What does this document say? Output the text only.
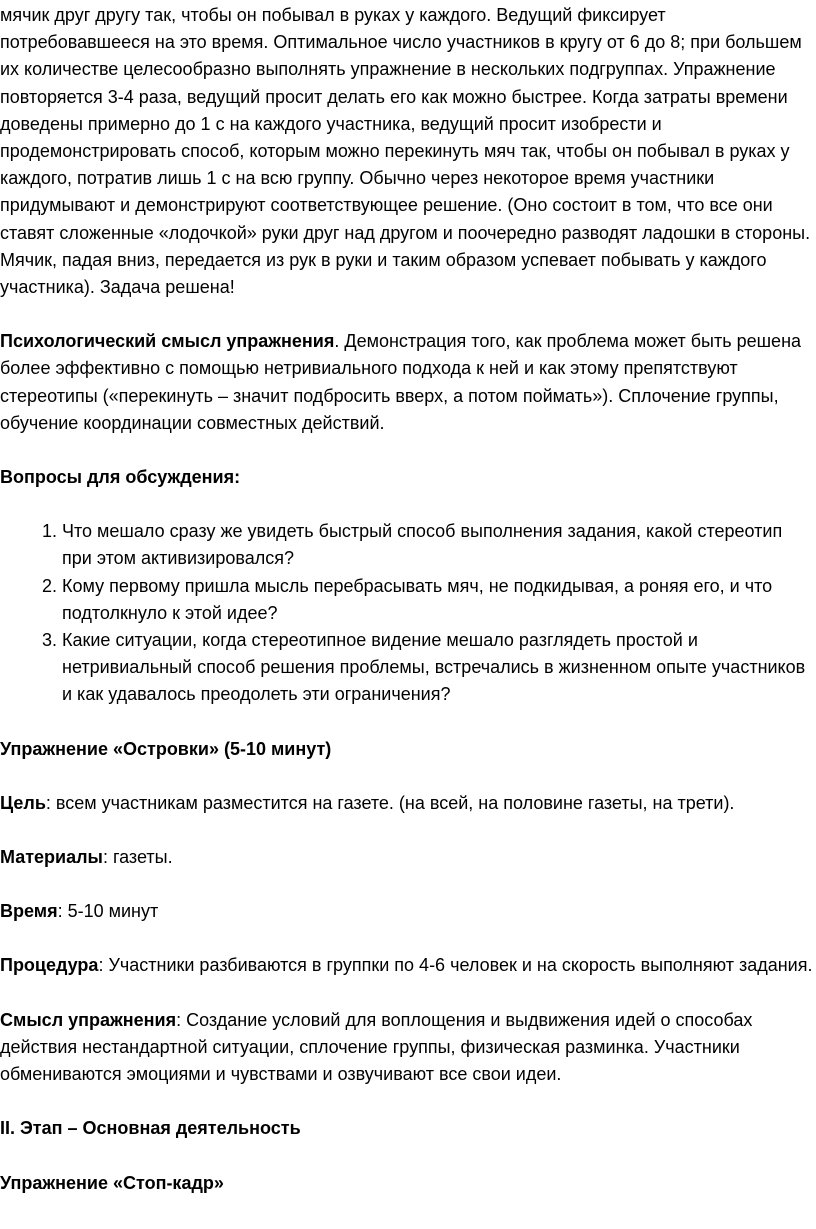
мячик друг другу так, чтобы он побывал в руках у каждого. Ведущий фиксирует потребовавшееся на это время. Оптимальное число участников в кругу от 6 до 8; при большем их количестве целесообразно выполнять упражнение в нескольких подгруппах. Упражнение повторяется 3-4 раза, ведущий просит делать его как можно быстрее. Когда затраты времени доведены примерно до 1 с на каждого участника, ведущий просит изобрести и продемонстрировать способ, которым можно перекинуть мяч так, чтобы он побывал в руках у каждого, потратив лишь 1 с на всю группу. Обычно через некоторое время участники придумывают и демонстрируют соответствующее решение. (Оно состоит в том, что все они ставят сложенные «лодочкой» руки друг над другом и поочередно разводят ладошки в стороны. Мячик, падая вниз, передается из рук в руки и таким образом успевает побывать у каждого участника). Задача решена!

Психологический смысл упражнения. Демонстрация того, как проблема может быть решена более эффективно с помощью нетривиального подхода к ней и как этому препятствуют стереотипы («перекинуть – значит подбросить вверх, а потом поймать»). Сплочение группы, обучение координации совместных действий.

Вопросы для обсуждения:

1. Что мешало сразу же увидеть быстрый способ выполнения задания, какой стереотип при этом активизировался?
2. Кому первому пришла мысль перебрасывать мяч, не подкидывая, а роняя его, и что подтолкнуло к этой идее?
3. Какие ситуации, когда стереотипное видение мешало разглядеть простой и нетривиальный способ решения проблемы, встречались в жизненном опыте участников и как удавалось преодолеть эти ограничения?

Упражнение «Островки» (5-10 минут)

Цель: всем участникам разместится на газете. (на всей, на половине газеты, на трети).

Материалы: газеты.

Время: 5-10 минут

Процедура: Участники разбиваются в группки по 4-6 человек и на скорость выполняют задания.

Смысл упражнения: Создание условий для воплощения и выдвижения идей о способах действия нестандартной ситуации, сплочение группы, физическая разминка. Участники обмениваются эмоциями и чувствами и озвучивают все свои идеи.

II. Этап – Основная деятельность

Упражнение «Стоп-кадр»
